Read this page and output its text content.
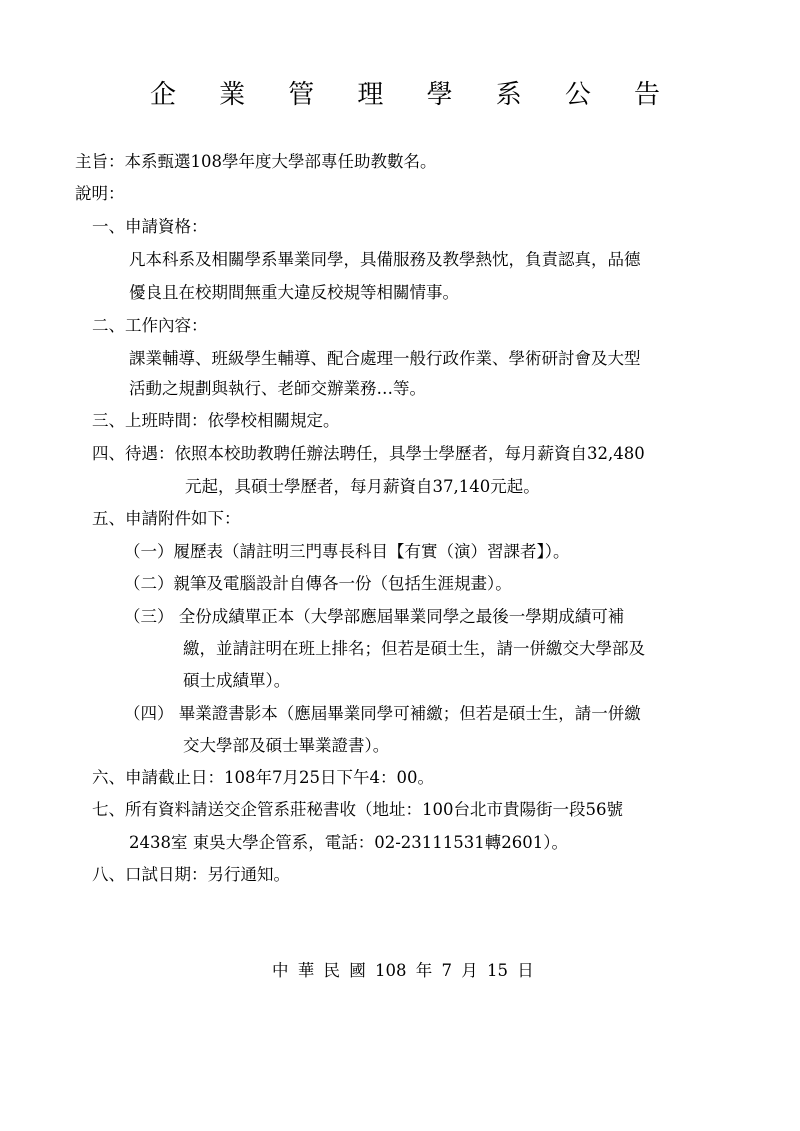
企 業 管 理 學 系 公 告
主旨：本系甄選108學年度大學部專任助教數名。
說明：
一、申請資格：
凡本科系及相關學系畢業同學，具備服務及教學熱忱，負責認真，品德
優良且在校期間無重大違反校規等相關情事。
二、工作內容：
課業輔導、班級學生輔導、配合處理一般行政作業、學術研討會及大型
活動之規劃與執行、老師交辦業務…等。
三、上班時間：依學校相關規定。
四、待遇：依照本校助教聘任辦法聘任，具學士學歷者，每月薪資自32,480
元起，具碩士學歷者，每月薪資自37,140元起。
五、申請附件如下：
（一）履歷表（請註明三門專長科目【有實（演）習課者】）。
（二）親筆及電腦設計自傳各一份（包括生涯規畫）。
（三） 全份成績單正本（大學部應屆畢業同學之最後一學期成績可補
繳，並請註明在班上排名；但若是碩士生，請一併繳交大學部及
碩士成績單）。
（四） 畢業證書影本（應屆畢業同學可補繳；但若是碩士生，請一併繳
交大學部及碩士畢業證書）。
六、申請截止日：108年7月25日下午4：00。
七、所有資料請送交企管系莊秘書收（地址：100台北市貴陽街一段56號
2438室 東吳大學企管系，電話：02-23111531轉2601）。
八、口試日期：另行通知。
中 華 民 國 108 年 7 月 15 日
